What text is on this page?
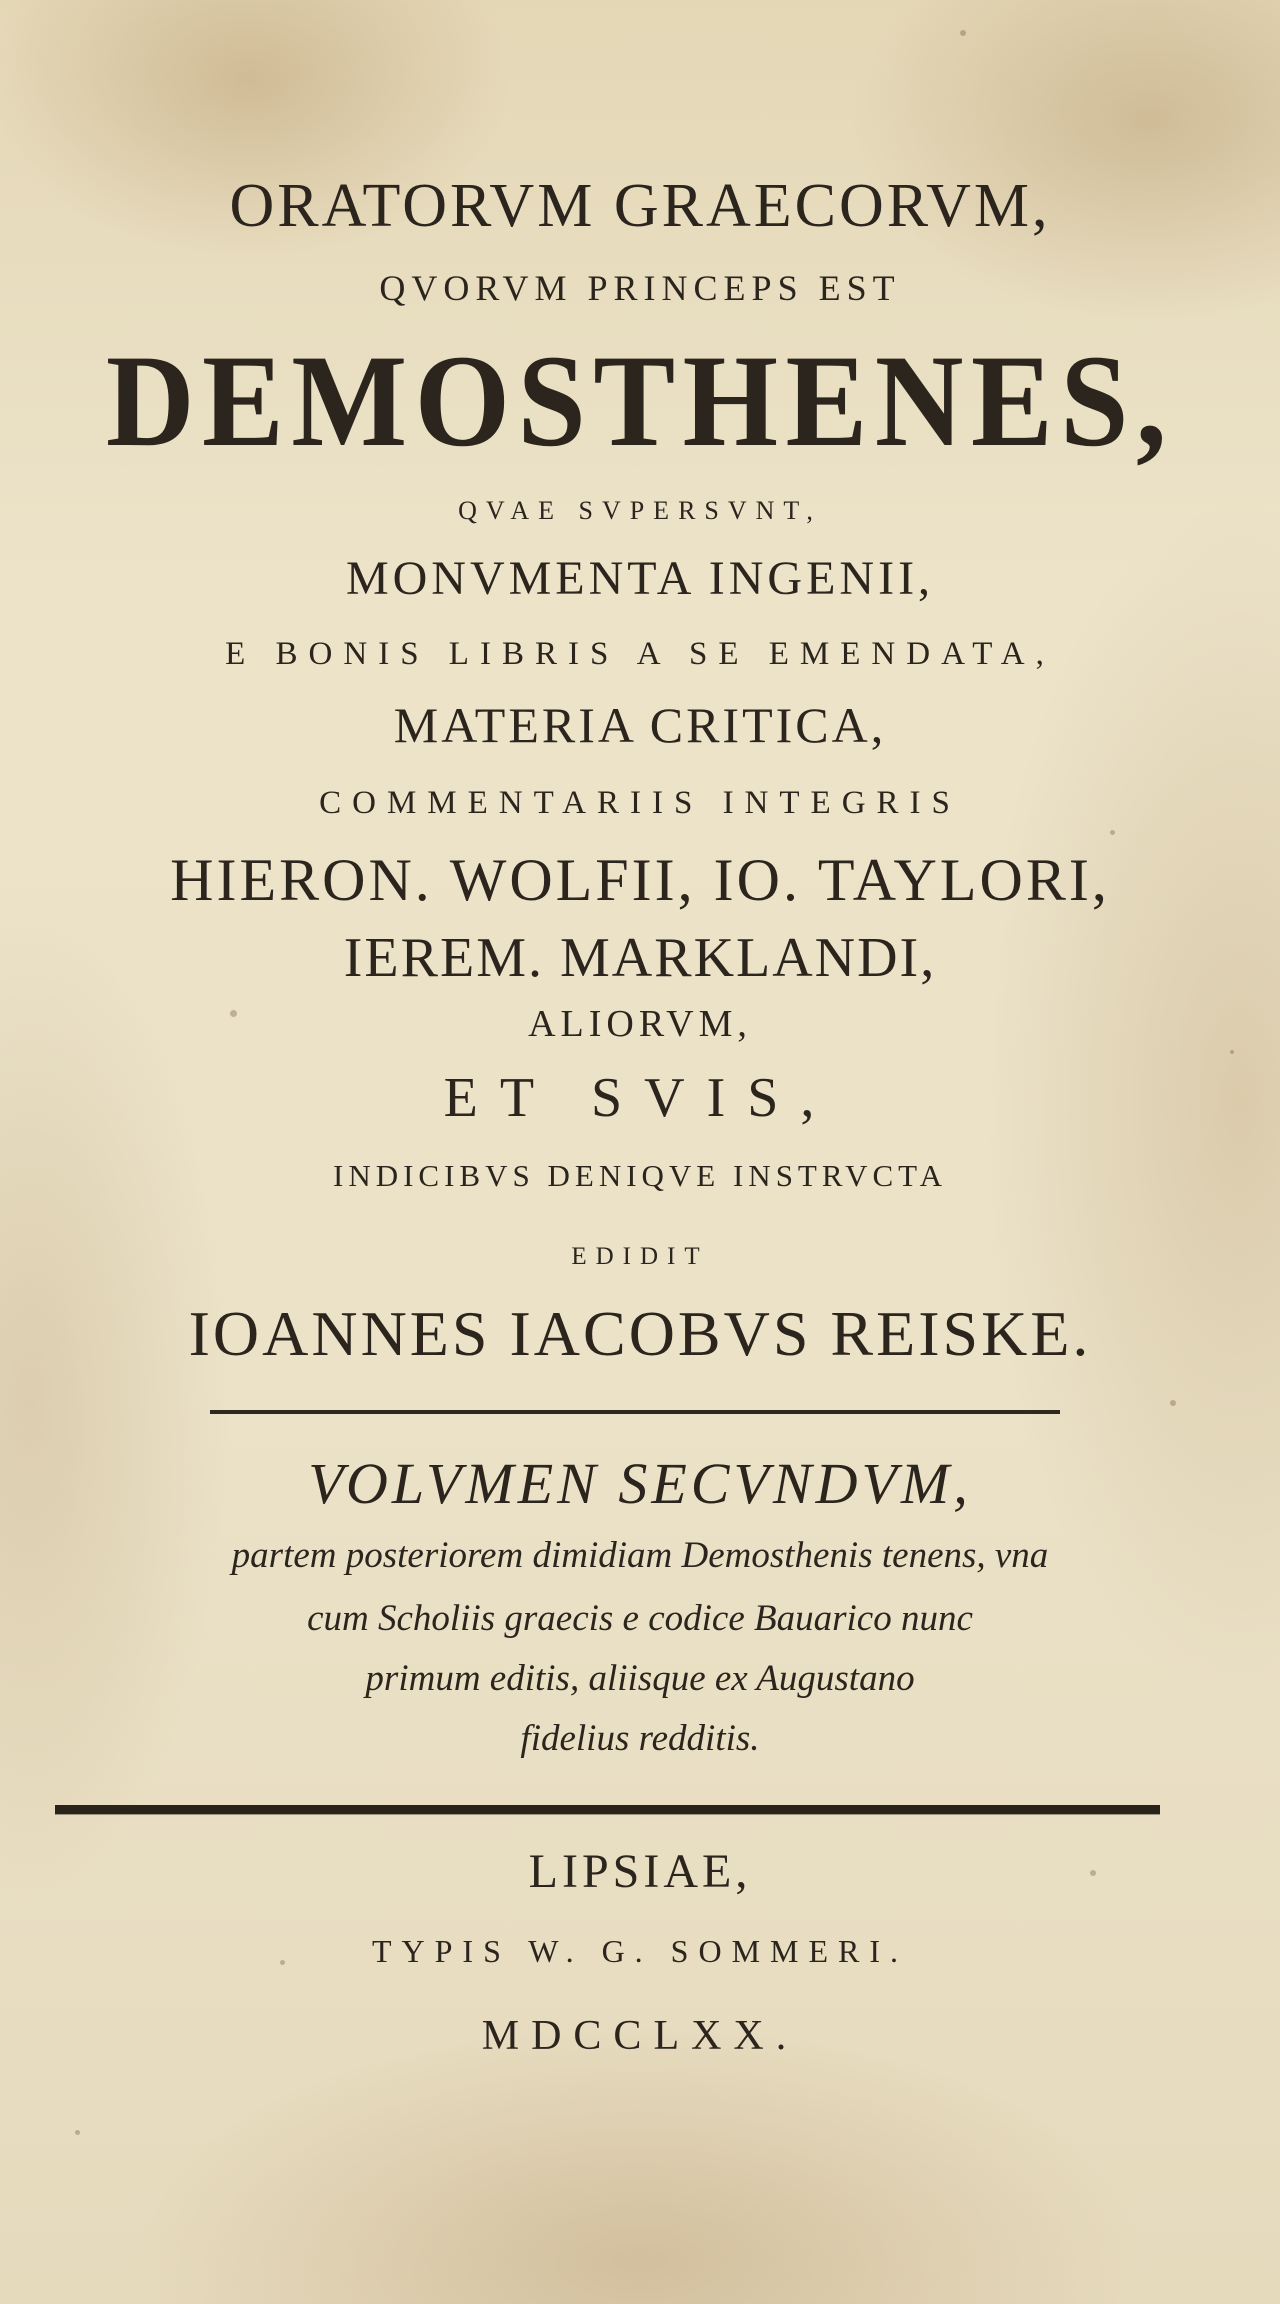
ORATORVM GRAECORVM,
QVORVM PRINCEPS EST
DEMOSTHENES,
QVAE SVPERSVNT,
MONVMENTA INGENII,
E BONIS LIBRIS A SE EMENDATA,
MATERIA CRITICA,
COMMENTARIIS INTEGRIS
HIERON. WOLFII, IO. TAYLORI,
IEREM. MARKLANDI,
ALIORVM,
ET SVIS,
INDICIBVS DENIQVE INSTRVCTA
EDIDIT
IOANNES IACOBVS REISKE.
VOLVMEN SECVNDVM,
partem posteriorem dimidiam Demosthenis tenens, vna
cum Scholiis graecis e codice Bauarico nunc
primum editis, aliisque ex Augustano
fidelius redditis.
LIPSIAE,
TYPIS W. G. SOMMERI.
MDCCLXX.
